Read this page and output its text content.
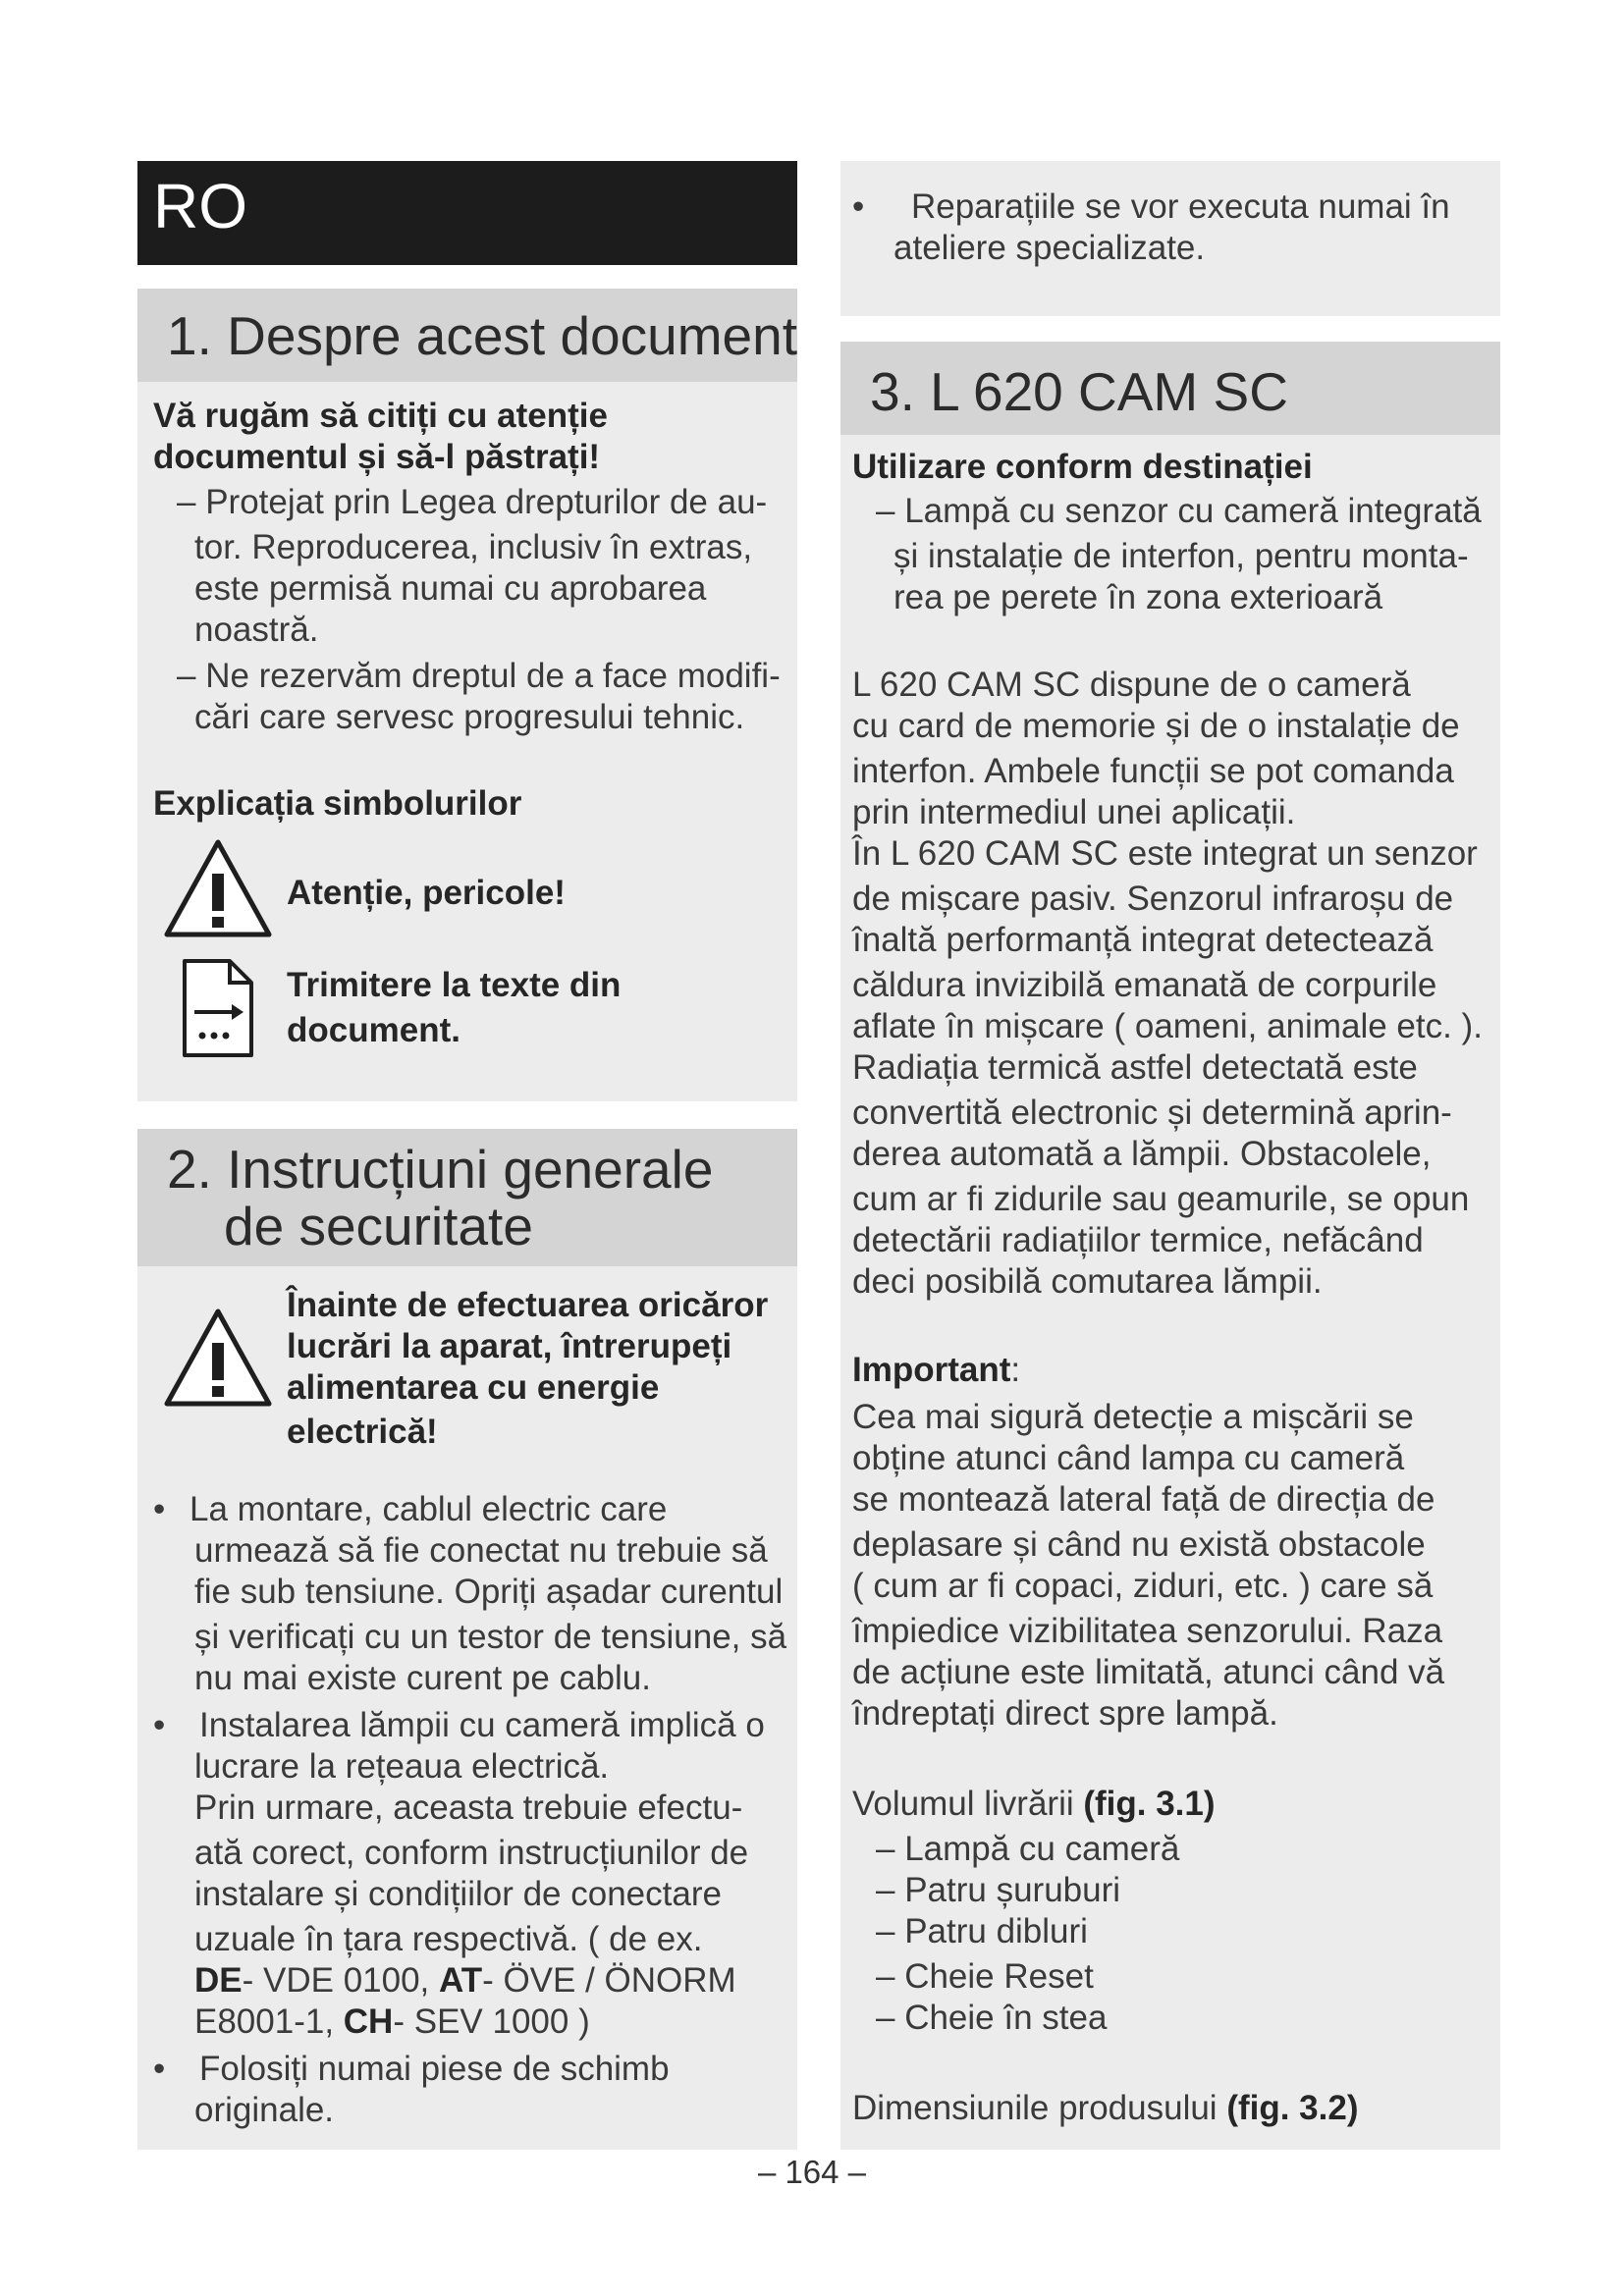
RO
1. Despre acest document
Vă rugăm să citiți cu atenție
documentul și să-l păstrați!
– Protejat prin Legea drepturilor de au-
tor. Reproducerea, inclusiv în extras,
este permisă numai cu aprobarea
noastră.
– Ne rezervăm dreptul de a face modifi-
cări care servesc progresului tehnic.
Explicația simbolurilor
Atenție, pericole!
Trimitere la texte din
document.
2. Instrucțiuni generale
de securitate
Înainte de efectuarea oricăror
lucrări la aparat, întrerupeți
alimentarea cu energie
electrică!
• La montare, cablul electric care
urmează să fie conectat nu trebuie să
fie sub tensiune. Opriți așadar curentul
și verificați cu un testor de tensiune, să
nu mai existe curent pe cablu.
• Instalarea lămpii cu cameră implică o
lucrare la rețeaua electrică.
Prin urmare, aceasta trebuie efectu-
ată corect, conform instrucțiunilor de
instalare și condițiilor de conectare
uzuale în țara respectivă. ( de ex.
DE- VDE 0100, AT- ÖVE / ÖNORM
E8001-1, CH- SEV 1000 )
• Folosiți numai piese de schimb
originale.
• Reparațiile se vor executa numai în
ateliere specializate.
3. L 620 CAM SC
Utilizare conform destinației
– Lampă cu senzor cu cameră integrată
și instalație de interfon, pentru monta-
rea pe perete în zona exterioară
L 620 CAM SC dispune de o cameră
cu card de memorie și de o instalație de
interfon. Ambele funcții se pot comanda
prin intermediul unei aplicații.
În L 620 CAM SC este integrat un senzor
de mișcare pasiv. Senzorul infraroșu de
înaltă performanță integrat detectează
căldura invizibilă emanată de corpurile
aflate în mișcare ( oameni, animale etc. ).
Radiația termică astfel detectată este
convertită electronic și determină aprin-
derea automată a lămpii. Obstacolele,
cum ar fi zidurile sau geamurile, se opun
detectării radiațiilor termice, nefăcând
deci posibilă comutarea lămpii.
Important:
Cea mai sigură detecție a mișcării se
obține atunci când lampa cu cameră
se montează lateral față de direcția de
deplasare și când nu există obstacole
( cum ar fi copaci, ziduri, etc. ) care să
împiedice vizibilitatea senzorului. Raza
de acțiune este limitată, atunci când vă
îndreptați direct spre lampă.
Volumul livrării (fig. 3.1)
– Lampă cu cameră
– Patru șuruburi
– Patru dibluri
– Cheie Reset
– Cheie în stea
Dimensiunile produsului (fig. 3.2)
– 164 –
